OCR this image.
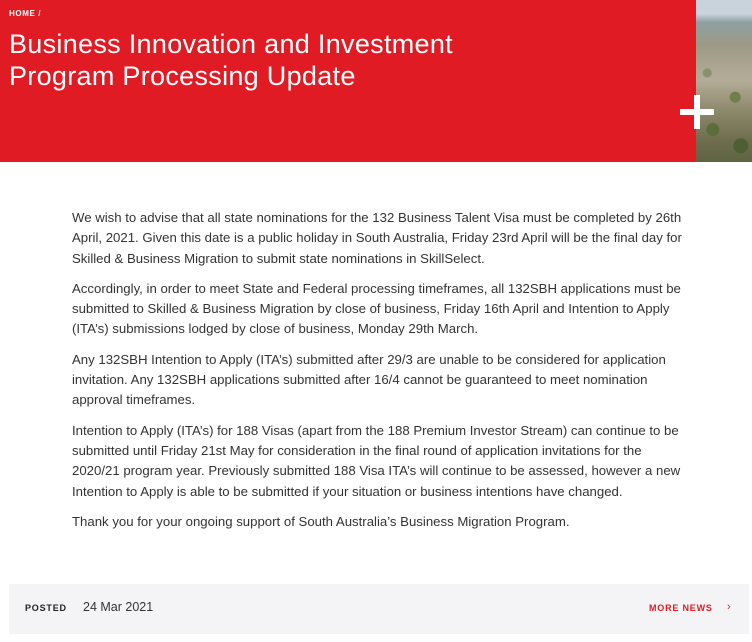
HOME /
Business Innovation and Investment Program Processing Update

We wish to advise that all state nominations for the 132 Business Talent Visa must be completed by 26th April, 2021. Given this date is a public holiday in South Australia, Friday 23rd April will be the final day for Skilled & Business Migration to submit state nominations in SkillSelect.

Accordingly, in order to meet State and Federal processing timeframes, all 132SBH applications must be submitted to Skilled & Business Migration by close of business, Friday 16th April and Intention to Apply (ITA’s) submissions lodged by close of business, Monday 29th March.

Any 132SBH Intention to Apply (ITA’s) submitted after 29/3 are unable to be considered for application invitation. Any 132SBH applications submitted after 16/4 cannot be guaranteed to meet nomination approval timeframes.

Intention to Apply (ITA’s) for 188 Visas (apart from the 188 Premium Investor Stream) can continue to be submitted until Friday 21st May for consideration in the final round of application invitations for the 2020/21 program year. Previously submitted 188 Visa ITA’s will continue to be assessed, however a new Intention to Apply is able to be submitted if your situation or business intentions have changed.

Thank you for your ongoing support of South Australia’s Business Migration Program.

POSTED 24 Mar 2021	MORE NEWS ›
